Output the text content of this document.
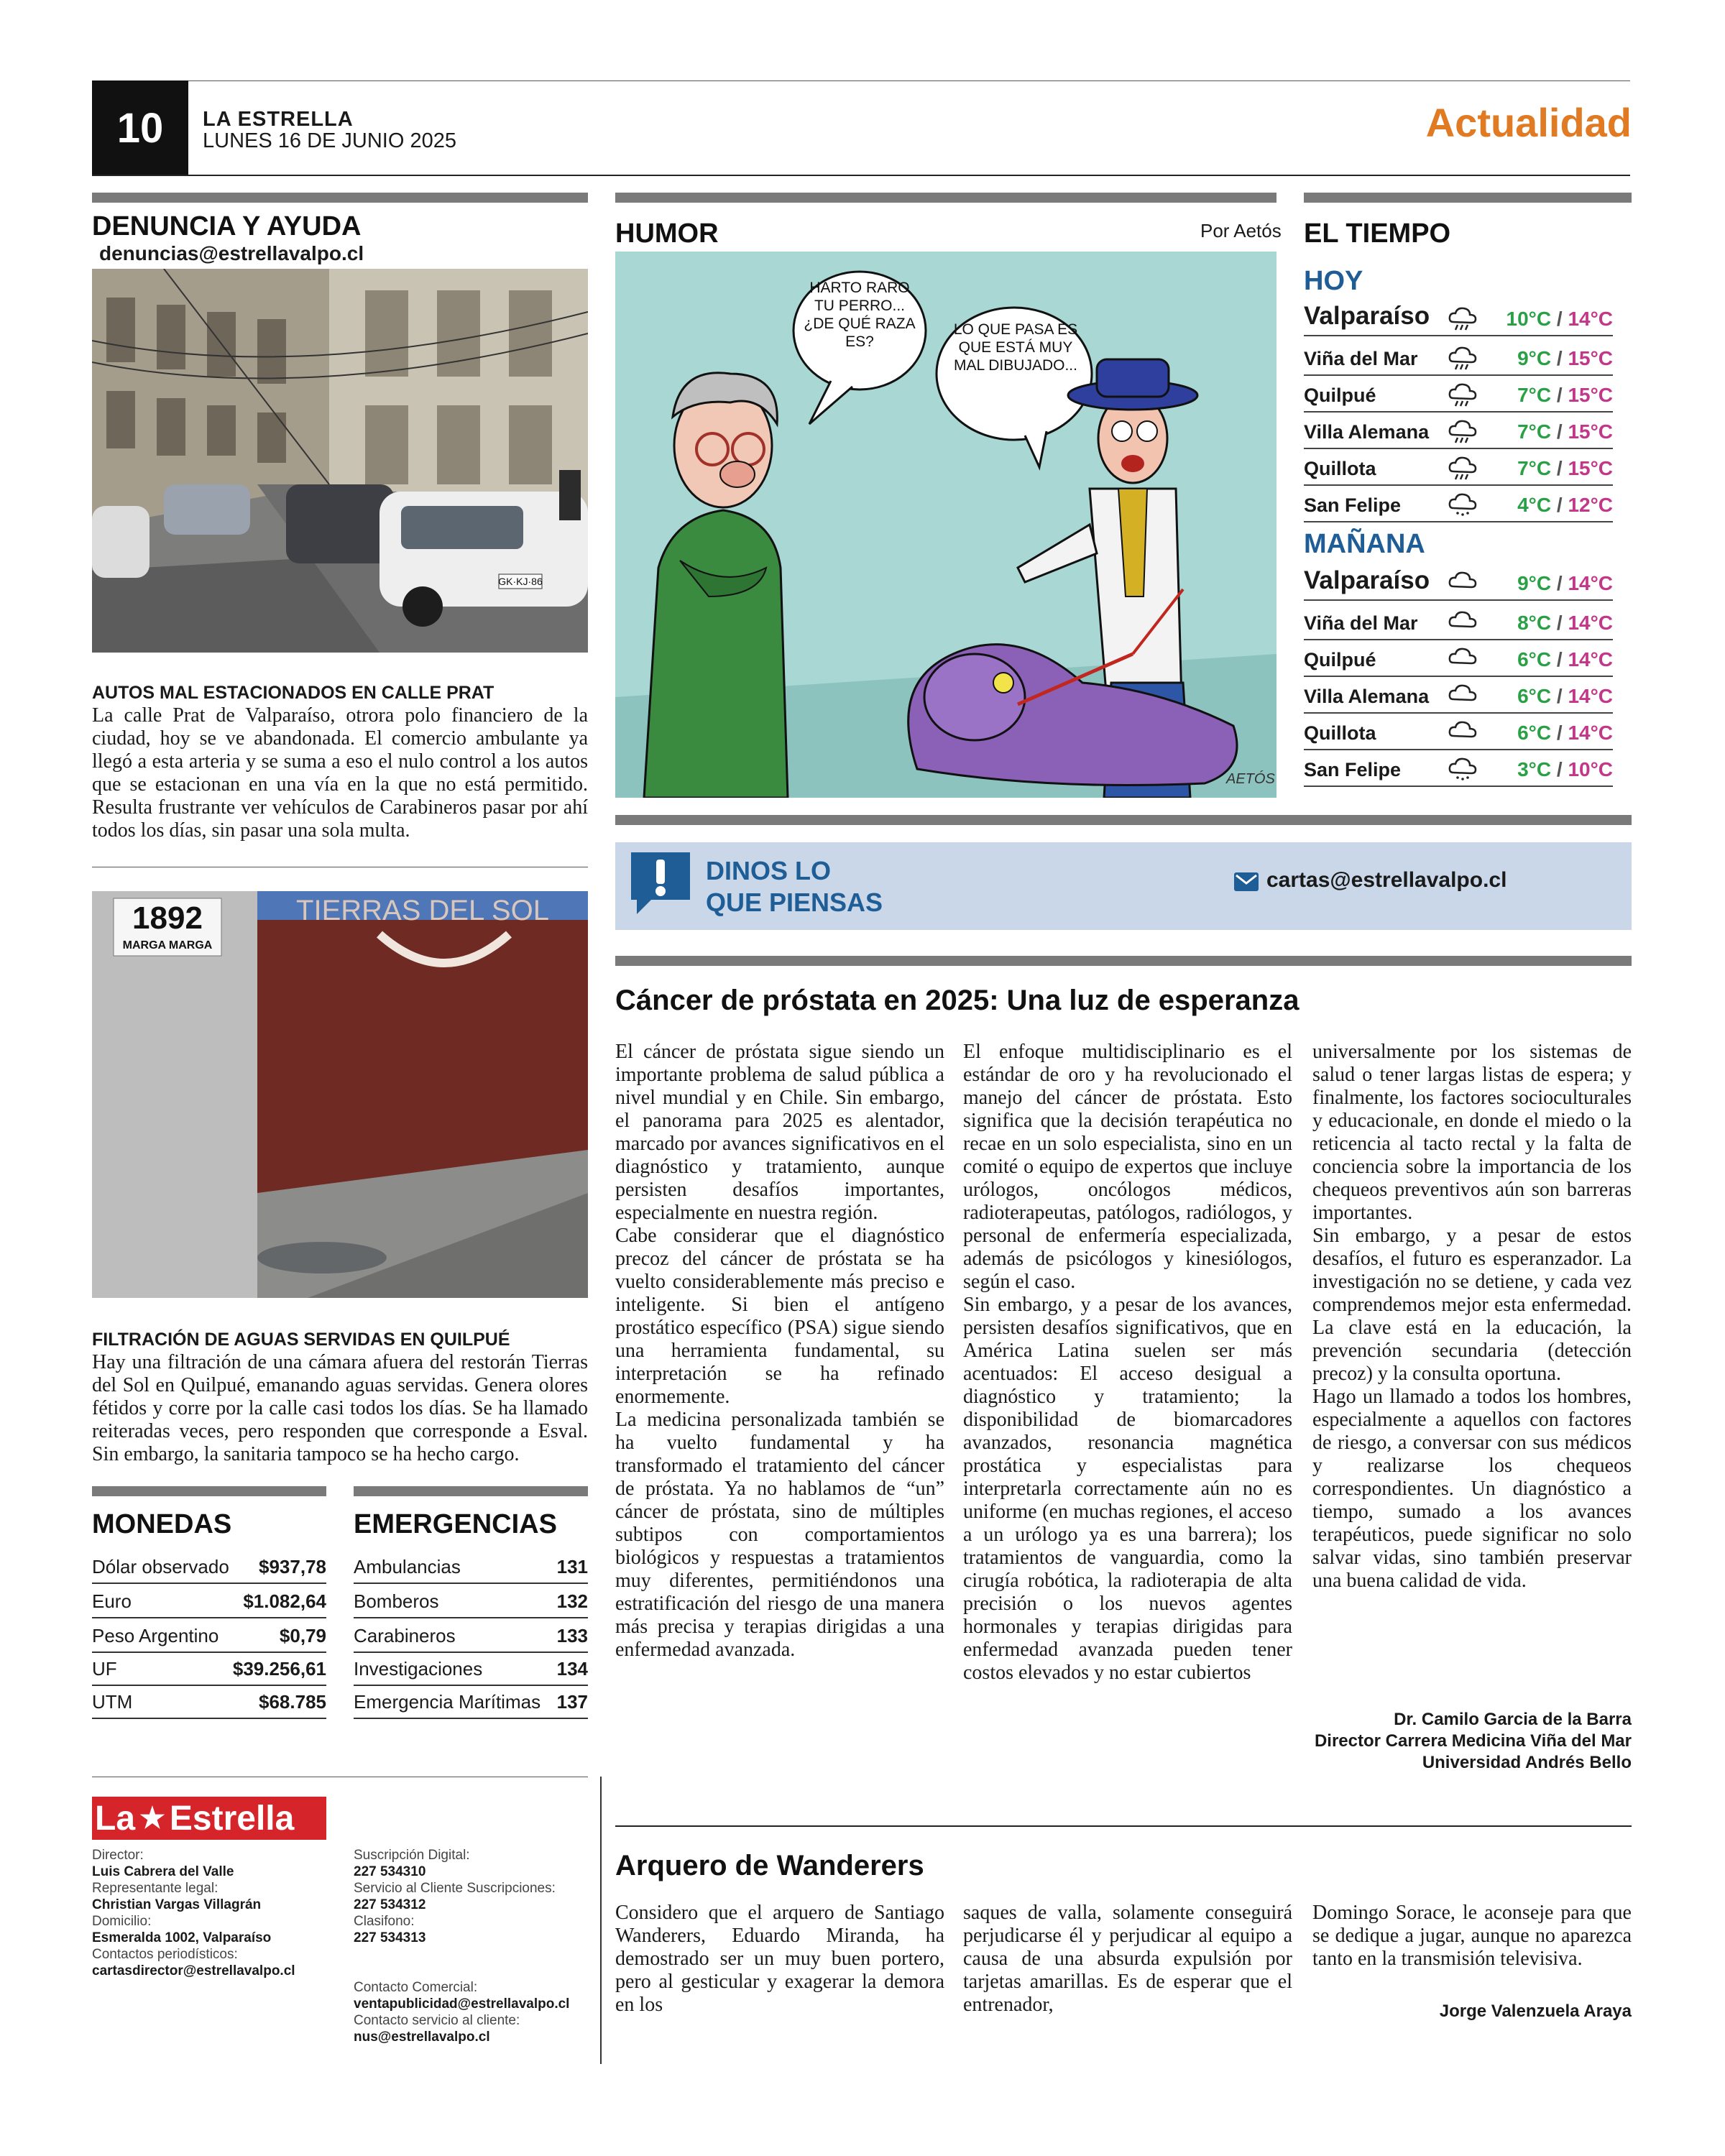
10	LA ESTRELLA
LUNES 16 DE JUNIO 2025	Actualidad
DENUNCIA Y AYUDA denuncias@estrellavalpo.cl
GK·KJ·86
AUTOS MAL ESTACIONADOS EN CALLE PRAT
La calle Prat de Valparaíso, otrora polo financiero de la ciudad, hoy se ve abandonada. El comercio ambulante ya llegó a esta arteria y se suma a eso el nulo control a los autos que se estacionan en una vía en la que no está permitido. Resulta frustrante ver vehículos de Carabineros pasar por ahí todos los días, sin pasar una sola multa.
TIERRAS DEL SOL
1892
MARGA MARGA
FILTRACIÓN DE AGUAS SERVIDAS EN QUILPUÉ
Hay una filtración de una cámara afuera del restorán Tierras del Sol en Quilpué, emanando aguas servidas. Genera olores fétidos y corre por la calle casi todos los días. Se ha llamado reiteradas veces, pero responden que corresponde a Esval. Sin embargo, la sanitaria tampoco se ha hecho cargo.
MONEDAS
Dólar observado $937,78
Euro	$1.082,64
Peso Argentino	$0,79
UF	$39.256,61
UTM	$68.785
EMERGENCIAS
Ambulancias	131
Bomberos	132
Carabineros	133
Investigaciones	134
Emergencia Marítimas 137
La ★ Estrella
Director:
Luis Cabrera del Valle
Representante legal:
Christian Vargas Villagrán
Domicilio:
Esmeralda 1002, Valparaíso
Contactos periodísticos:
cartasdirector@estrellavalpo.cl
Suscripción Digital:
227 534310
Servicio al Cliente Suscripciones:
227 534312
Clasifono:
227 534313
Contacto Comercial:
ventapublicidad@estrellavalpo.cl
Contacto servicio al cliente:
nus@estrellavalpo.cl
HUMOR	Por Aetós
HARTO RARO TU PERRO... ¿DE QUÉ RAZA ES?
LO QUE PASA ES QUE ESTÁ MUY MAL DIBUJADO...
AETÓS
EL TIEMPO
HOY
Valparaíso	10°C / 14°C
Viña del Mar	9°C / 15°C
Quilpué	7°C / 15°C
Villa Alemana	7°C / 15°C
Quillota	7°C / 15°C
San Felipe	4°C / 12°C
MAÑANA
Valparaíso	9°C / 14°C
Viña del Mar	8°C / 14°C
Quilpué	6°C / 14°C
Villa Alemana	6°C / 14°C
Quillota	6°C / 14°C
San Felipe	3°C / 10°C
DINOS LO
QUE PIENSAS
cartas@estrellavalpo.cl
Cáncer de próstata en 2025: Una luz de esperanza

El cáncer de próstata sigue siendo un importante problema de salud pública a nivel mundial y en Chile. Sin embargo, el panorama para 2025 es alentador, marcado por avances significativos en el diagnóstico y tratamiento, aunque persisten desafíos importantes, especialmente en nuestra región.

Cabe considerar que el diagnóstico precoz del cáncer de próstata se ha vuelto considerablemente más preciso e inteligente. Si bien el antígeno prostático específico (PSA) sigue siendo una herramienta fundamental, su interpretación se ha refinado enormemente.

La medicina personalizada también se ha vuelto fundamental y ha transformado el tratamiento del cáncer de próstata. Ya no hablamos de “un” cáncer de próstata, sino de múltiples subtipos con comportamientos biológicos y respuestas a tratamientos muy diferentes, permitiéndonos una estratificación del riesgo de una manera más precisa y terapias dirigidas a una enfermedad avanzada.

El enfoque multidisciplinario es el estándar de oro y ha revolucionado el manejo del cáncer de próstata. Esto significa que la decisión terapéutica no recae en un solo especialista, sino en un comité o equipo de expertos que incluye urólogos, oncólogos médicos, radioterapeutas, patólogos, radiólogos, y personal de enfermería especializada, además de psicólogos y kinesiólogos, según el caso.

Sin embargo, y a pesar de los avances, persisten desafíos significativos, que en América Latina suelen ser más acentuados: El acceso desigual a diagnóstico y tratamiento; la disponibilidad de biomarcadores avanzados, resonancia magnética prostática y especialistas para interpretarla correctamente aún no es uniforme (en muchas regiones, el acceso a un urólogo ya es una barrera); los tratamientos de vanguardia, como la cirugía robótica, la radioterapia de alta precisión o los nuevos agentes hormonales y terapias dirigidas para enfermedad avanzada pueden tener costos elevados y no estar cubiertos

universalmente por los sistemas de salud o tener largas listas de espera; y finalmente, los factores socioculturales y educacionale, en donde el miedo o la reticencia al tacto rectal y la falta de conciencia sobre la importancia de los chequeos preventivos aún son barreras importantes.

Sin embargo, y a pesar de estos desafíos, el futuro es esperanzador. La investigación no se detiene, y cada vez comprendemos mejor esta enfermedad. La clave está en la educación, la prevención secundaria (detección precoz) y la consulta oportuna.

Hago un llamado a todos los hombres, especialmente a aquellos con factores de riesgo, a conversar con sus médicos y realizarse los chequeos correspondientes. Un diagnóstico a tiempo, sumado a los avances terapéuticos, puede significar no solo salvar vidas, sino también preservar una buena calidad de vida.

Dr. Camilo Garcia de la Barra
Director Carrera Medicina Viña del Mar
Universidad Andrés Bello
Arquero de Wanderers
Considero que el arquero de Santiago Wanderers, Eduardo Miranda, ha demostrado ser un muy buen portero, pero al gesticular y exagerar la demora en los
saques de valla, solamente conseguirá perjudicarse él y perjudicar al equipo a causa de una absurda expulsión por tarjetas amarillas. Es de esperar que el entrenador,
Domingo Sorace, le aconseje para que se dedique a jugar, aunque no aparezca tanto en la transmisión televisiva.
Jorge Valenzuela Araya
